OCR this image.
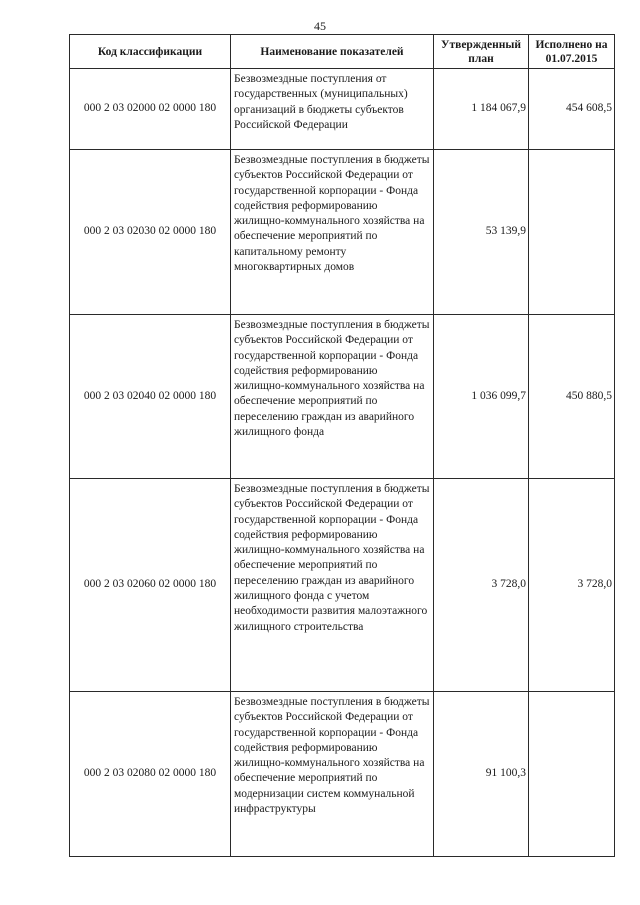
45
Код классификации	Наименование показателей	Утвержденный план	Исполнено на 01.07.2015
000 2 03 02000 02 0000 180	Безвозмездные поступления от государственных (муниципальных) организаций в бюджеты субъектов Российской Федерации	1 184 067,9	454 608,5
000 2 03 02030 02 0000 180	Безвозмездные поступления в бюджеты субъектов Российской Федерации от государственной корпорации - Фонда содействия реформированию жилищно-коммунального хозяйства на обеспечение мероприятий по капитальному ремонту многоквартирных домов	53 139,9	
000 2 03 02040 02 0000 180	Безвозмездные поступления в бюджеты субъектов Российской Федерации от государственной корпорации - Фонда содействия реформированию жилищно-коммунального хозяйства на обеспечение мероприятий по переселению граждан из аварийного жилищного фонда	1 036 099,7	450 880,5
000 2 03 02060 02 0000 180	Безвозмездные поступления в бюджеты субъектов Российской Федерации от государственной корпорации - Фонда содействия реформированию жилищно-коммунального хозяйства на обеспечение мероприятий по переселению граждан из аварийного жилищного фонда с учетом необходимости развития малоэтажного жилищного строительства	3 728,0	3 728,0
000 2 03 02080 02 0000 180	Безвозмездные поступления в бюджеты субъектов Российской Федерации от государственной корпорации - Фонда содействия реформированию жилищно-коммунального хозяйства на обеспечение мероприятий по модернизации систем коммунальной инфраструктуры	91 100,3	
